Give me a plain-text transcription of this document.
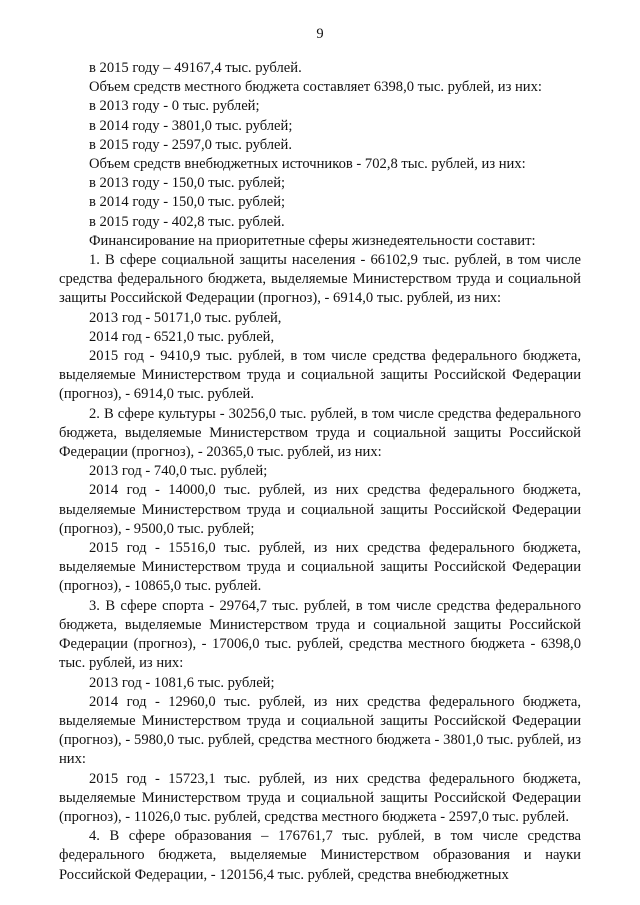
9

в 2015 году – 49167,4 тыс. рублей.

Объем средств местного бюджета составляет 6398,0 тыс. рублей, из них:

в 2013 году - 0 тыс. рублей;

в 2014 году - 3801,0 тыс. рублей;

в 2015 году - 2597,0 тыс. рублей.

Объем средств внебюджетных источников - 702,8 тыс. рублей, из них:

в 2013 году - 150,0 тыс. рублей;

в 2014 году - 150,0 тыс. рублей;

в 2015 году - 402,8 тыс. рублей.

Финансирование на приоритетные сферы жизнедеятельности составит:

1. В сфере социальной защиты населения - 66102,9 тыс. рублей, в том числе средства федерального бюджета, выделяемые Министерством труда и социальной защиты Российской Федерации (прогноз), - 6914,0 тыс. рублей, из них:

2013 год - 50171,0 тыс. рублей,

2014 год - 6521,0 тыс. рублей,

2015 год - 9410,9 тыс. рублей, в том числе средства федерального бюджета, выделяемые Министерством труда и социальной защиты Российской Федерации (прогноз), - 6914,0 тыс. рублей.

2. В сфере культуры - 30256,0 тыс. рублей, в том числе средства федерального бюджета, выделяемые Министерством труда и социальной защиты Российской Федерации (прогноз), - 20365,0 тыс. рублей, из них:

2013 год - 740,0 тыс. рублей;

2014 год - 14000,0 тыс. рублей, из них средства федерального бюджета, выделяемые Министерством труда и социальной защиты Российской Федерации (прогноз), - 9500,0 тыс. рублей;

2015 год - 15516,0 тыс. рублей, из них средства федерального бюджета, выделяемые Министерством труда и социальной защиты Российской Федерации (прогноз), - 10865,0 тыс. рублей.

3. В сфере спорта - 29764,7 тыс. рублей, в том числе средства федерального бюджета, выделяемые Министерством труда и социальной защиты Российской Федерации (прогноз), - 17006,0 тыс. рублей, средства местного бюджета - 6398,0 тыс. рублей, из них:

2013 год - 1081,6 тыс. рублей;

2014 год - 12960,0 тыс. рублей, из них средства федерального бюджета, выделяемые Министерством труда и социальной защиты Российской Федерации (прогноз), - 5980,0 тыс. рублей, средства местного бюджета - 3801,0 тыс. рублей, из них:

2015 год - 15723,1 тыс. рублей, из них средства федерального бюджета, выделяемые Министерством труда и социальной защиты Российской Федерации (прогноз), - 11026,0 тыс. рублей, средства местного бюджета - 2597,0 тыс. рублей.

4. В сфере образования – 176761,7 тыс. рублей, в том числе средства федерального бюджета, выделяемые Министерством образования и науки Российской Федерации, - 120156,4 тыс. рублей, средства внебюджетных
